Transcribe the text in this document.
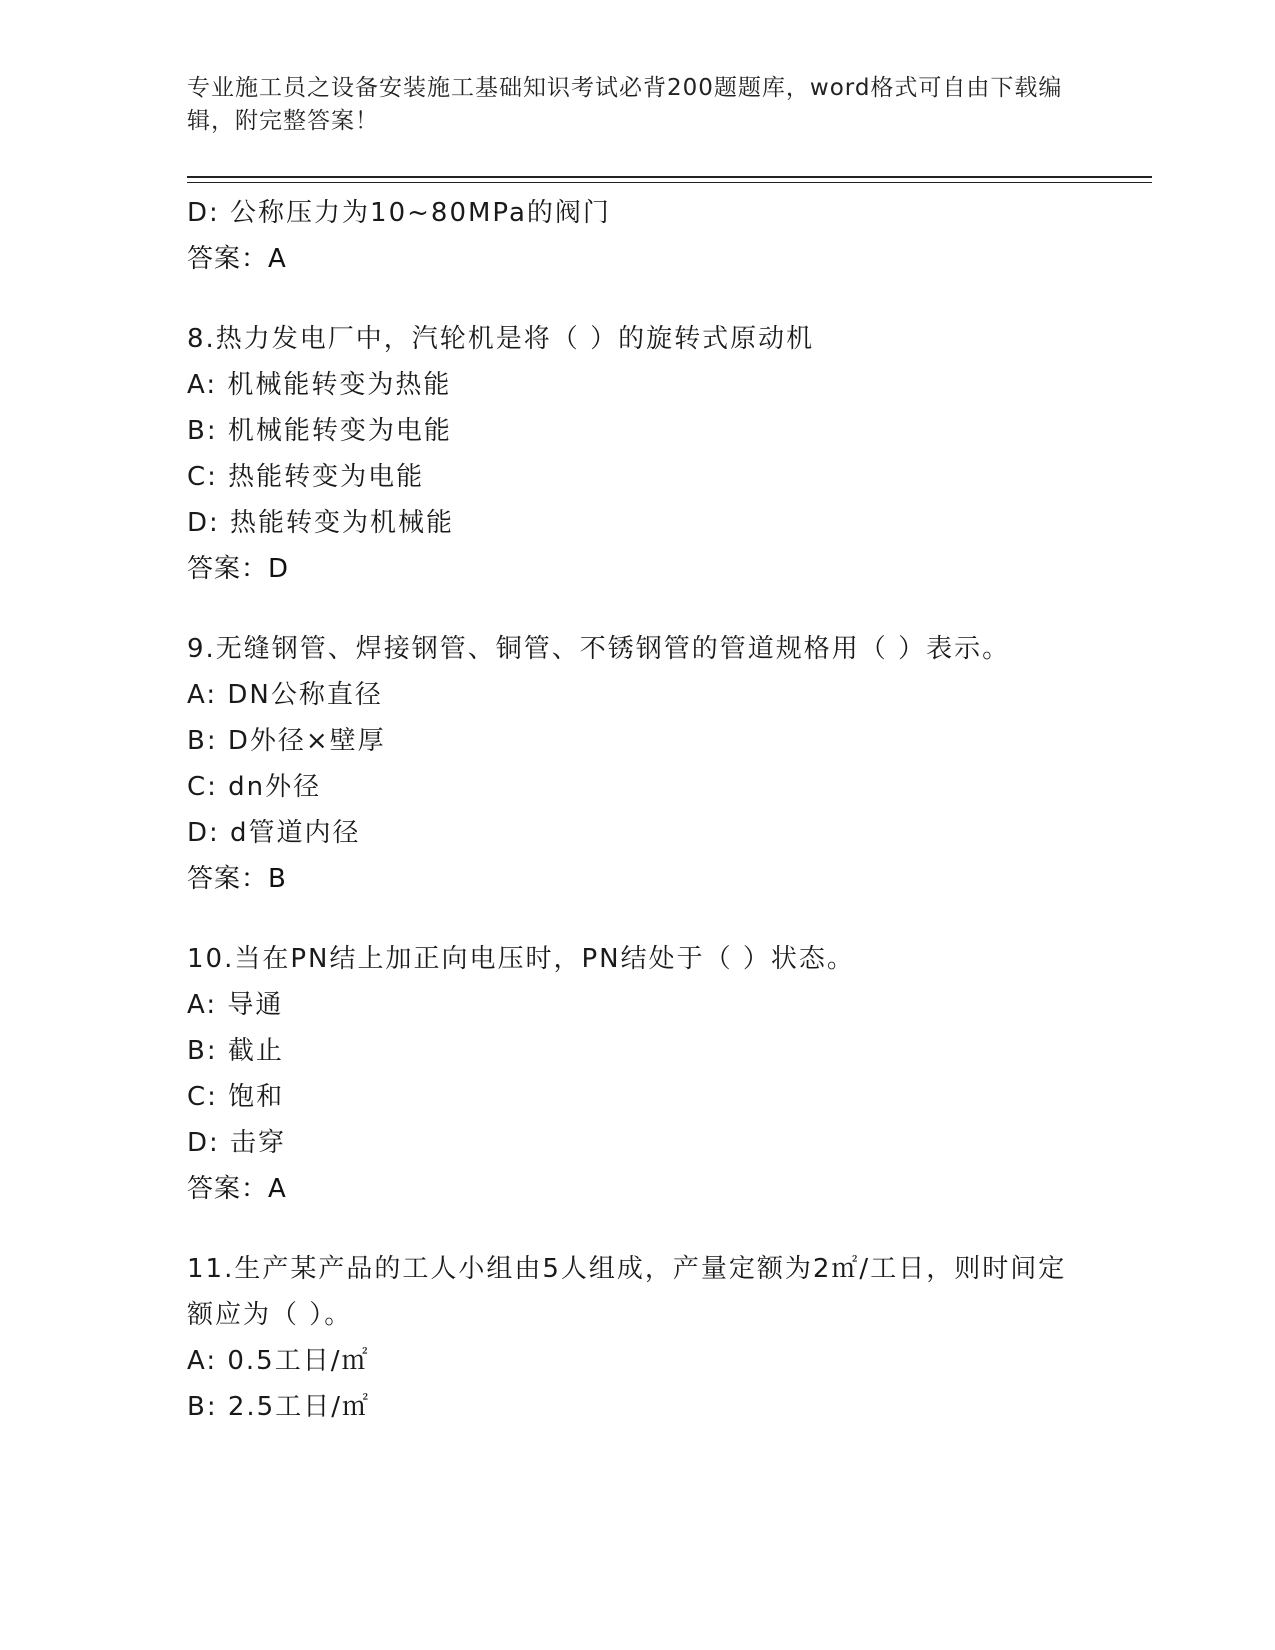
专业施工员之设备安装施工基础知识考试必背200题题库，word格式可自由下载编辑，附完整答案！
D: 公称压力为10~80MPa的阀门
答案：A
8.热力发电厂中，汽轮机是将（ ）的旋转式原动机
A: 机械能转变为热能
B: 机械能转变为电能
C: 热能转变为电能
D: 热能转变为机械能
答案：D
9.无缝钢管、焊接钢管、铜管、不锈钢管的管道规格用（ ）表示。
A: DN公称直径
B: D外径×壁厚
C: dn外径
D: d管道内径
答案：B
10.当在PN结上加正向电压时，PN结处于（ ）状态。
A: 导通
B: 截止
C: 饱和
D: 击穿
答案：A
11.生产某产品的工人小组由5人组成，产量定额为2㎡/工日，则时间定额应为（ ）。
A: 0.5工日/㎡
B: 2.5工日/㎡
